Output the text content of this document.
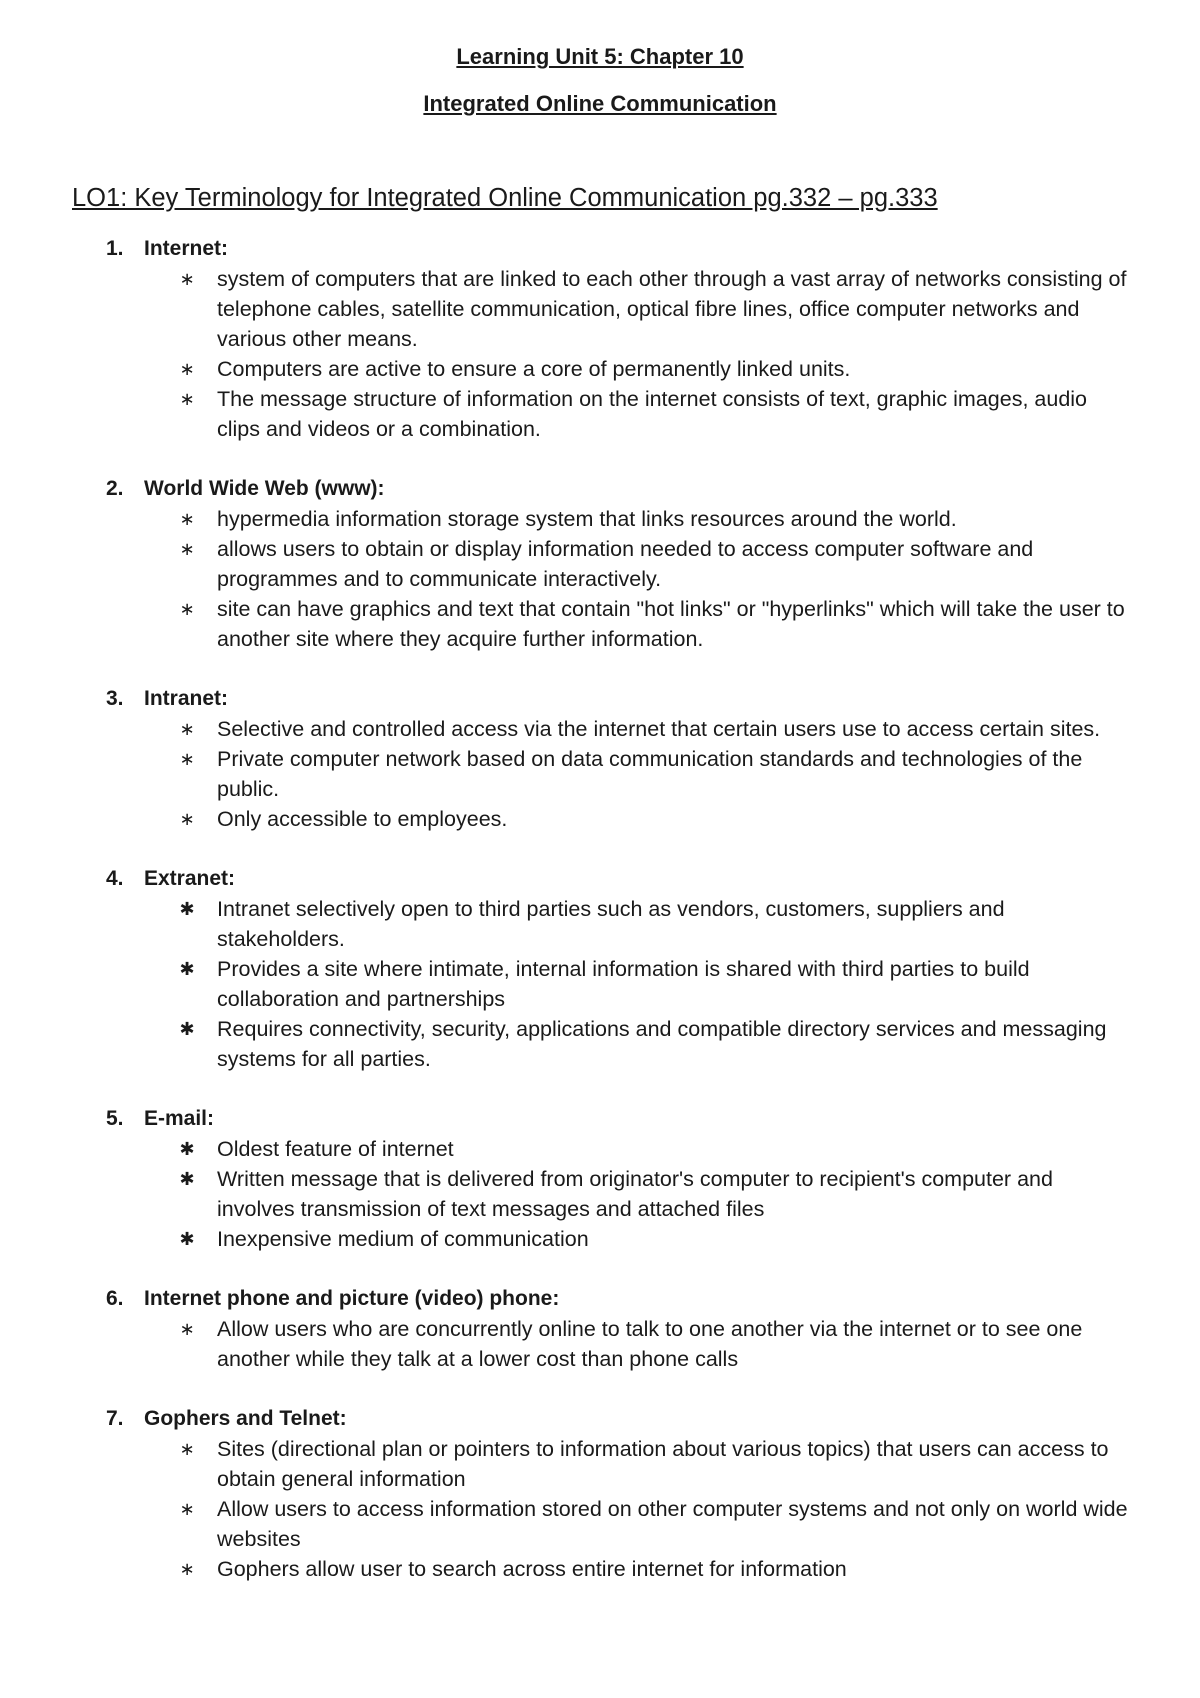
Learning Unit 5: Chapter 10
Integrated Online Communication
LO1: Key Terminology for Integrated Online Communication pg.332 – pg.333
1. Internet:
∗ system of computers that are linked to each other through a vast array of networks consisting of telephone cables, satellite communication, optical fibre lines, office computer networks and various other means.
∗ Computers are active to ensure a core of permanently linked units.
∗ The message structure of information on the internet consists of text, graphic images, audio clips and videos or a combination.
2. World Wide Web (www):
∗ hypermedia information storage system that links resources around the world.
∗ allows users to obtain or display information needed to access computer software and programmes and to communicate interactively.
∗ site can have graphics and text that contain "hot links" or "hyperlinks" which will take the user to another site where they acquire further information.
3. Intranet:
∗ Selective and controlled access via the internet that certain users use to access certain sites.
∗ Private computer network based on data communication standards and technologies of the public.
∗ Only accessible to employees.
4. Extranet:
✱ Intranet selectively open to third parties such as vendors, customers, suppliers and stakeholders.
✱ Provides a site where intimate, internal information is shared with third parties to build collaboration and partnerships
✱ Requires connectivity, security, applications and compatible directory services and messaging systems for all parties.
5. E-mail:
✱ Oldest feature of internet
✱ Written message that is delivered from originator's computer to recipient's computer and involves transmission of text messages and attached files
✱ Inexpensive medium of communication
6. Internet phone and picture (video) phone:
∗ Allow users who are concurrently online to talk to one another via the internet or to see one another while they talk at a lower cost than phone calls
7. Gophers and Telnet:
∗ Sites (directional plan or pointers to information about various topics) that users can access to obtain general information
∗ Allow users to access information stored on other computer systems and not only on world wide websites
∗ Gophers allow user to search across entire internet for information
